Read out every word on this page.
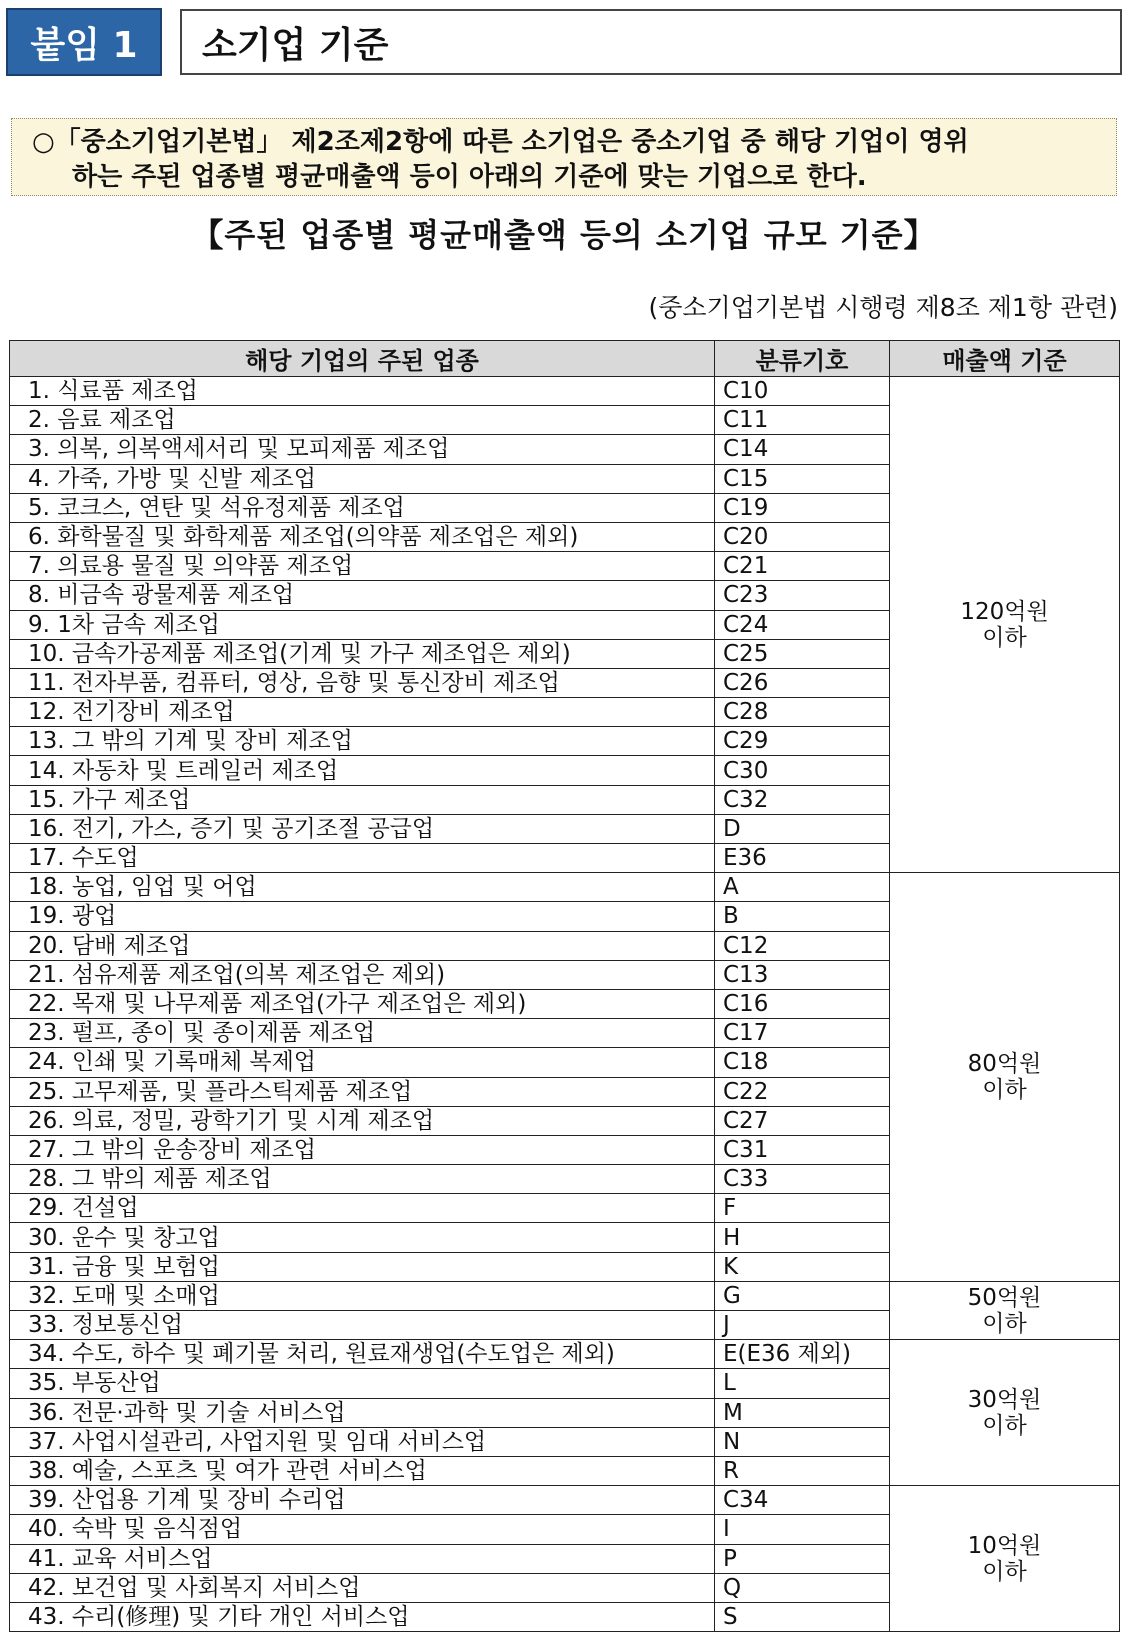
붙임 1	소기업 기준
○「중소기업기본법」 제2조제2항에 따른 소기업은 중소기업 중 해당 기업이 영위
하는 주된 업종별 평균매출액 등이 아래의 기준에 맞는 기업으로 한다.
【주된 업종별 평균매출액 등의 소기업 규모 기준】
(중소기업기본법 시행령 제8조 제1항 관련)
해당 기업의 주된 업종	분류기호	매출액 기준
1. 식료품 제조업	C10	120억원
이하

2. 음료 제조업	C11	
3. 의복, 의복액세서리 및 모피제품 제조업	C14	
4. 가죽, 가방 및 신발 제조업	C15	
5. 코크스, 연탄 및 석유정제품 제조업	C19	
6. 화학물질 및 화학제품 제조업(의약품 제조업은 제외)	C20	
7. 의료용 물질 및 의약품 제조업	C21	
8. 비금속 광물제품 제조업	C23	
9. 1차 금속 제조업	C24	
10. 금속가공제품 제조업(기계 및 가구 제조업은 제외)	C25	
11. 전자부품, 컴퓨터, 영상, 음향 및 통신장비 제조업	C26	
12. 전기장비 제조업	C28	
13. 그 밖의 기계 및 장비 제조업	C29	
14. 자동차 및 트레일러 제조업	C30	
15. 가구 제조업	C32	
16. 전기, 가스, 증기 및 공기조절 공급업	D	
17. 수도업	E36	
18. 농업, 임업 및 어업	A	80억원
이하

19. 광업	B	
20. 담배 제조업	C12	
21. 섬유제품 제조업(의복 제조업은 제외)	C13	
22. 목재 및 나무제품 제조업(가구 제조업은 제외)	C16	
23. 펄프, 종이 및 종이제품 제조업	C17	
24. 인쇄 및 기록매체 복제업	C18	
25. 고무제품, 및 플라스틱제품 제조업	C22	
26. 의료, 정밀, 광학기기 및 시계 제조업	C27	
27. 그 밖의 운송장비 제조업	C31	
28. 그 밖의 제품 제조업	C33	
29. 건설업	F	
30. 운수 및 창고업	H	
31. 금융 및 보험업	K	
32. 도매 및 소매업	G	50억원
이하

33. 정보통신업	J	
34. 수도, 하수 및 폐기물 처리, 원료재생업(수도업은 제외)	E(E36 제외)	30억원
이하

35. 부동산업	L	
36. 전문·과학 및 기술 서비스업	M	
37. 사업시설관리, 사업지원 및 임대 서비스업	N	
38. 예술, 스포츠 및 여가 관련 서비스업	R	
39. 산업용 기계 및 장비 수리업	C34	10억원
이하

40. 숙박 및 음식점업	I	
41. 교육 서비스업	P	
42. 보건업 및 사회복지 서비스업	Q	
43. 수리(修理) 및 기타 개인 서비스업	S	
